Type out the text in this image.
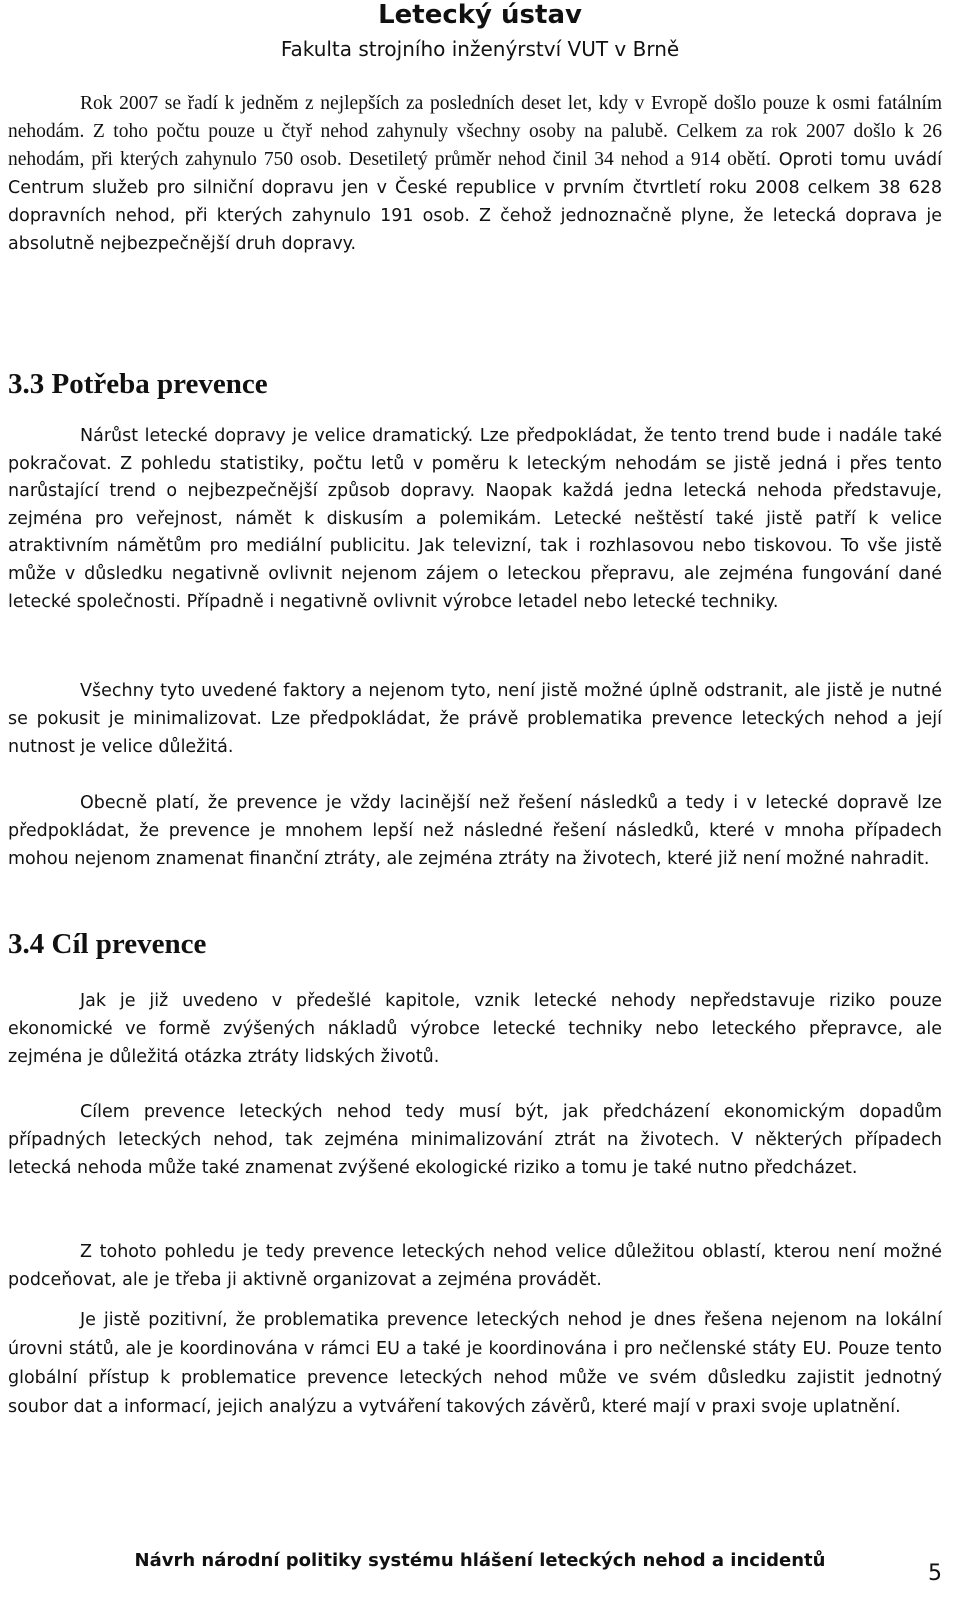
Letecký ústav
Fakulta strojního inženýrství VUT v Brně
Rok 2007 se řadí k jedněm z nejlepších za posledních deset let, kdy v Evropě došlo pouze k osmi fatálním nehodám. Z toho počtu pouze u čtyř nehod zahynuly všechny osoby na palubě. Celkem za rok 2007 došlo k 26 nehodám, při kterých zahynulo 750 osob. Desetiletý průměr nehod činil 34 nehod a 914 obětí. Oproti tomu uvádí Centrum služeb pro silniční dopravu jen v České republice v prvním čtvrtletí roku 2008 celkem 38 628 dopravních nehod, při kterých zahynulo 191 osob. Z čehož jednoznačně plyne, že letecká doprava je absolutně nejbezpečnější druh dopravy.
3.3 Potřeba prevence
Nárůst letecké dopravy je velice dramatický. Lze předpokládat, že tento trend bude i nadále také pokračovat. Z pohledu statistiky, počtu letů v poměru k leteckým nehodám se jistě jedná i přes tento narůstající trend o nejbezpečnější způsob dopravy. Naopak každá jedna letecká nehoda představuje, zejména pro veřejnost, námět k diskusím a polemikám. Letecké neštěstí také jistě patří k velice atraktivním námětům pro mediální publicitu. Jak televizní, tak i rozhlasovou nebo tiskovou. To vše jistě může v důsledku negativně ovlivnit nejenom zájem o leteckou přepravu, ale zejména fungování dané letecké společnosti. Případně i negativně ovlivnit výrobce letadel nebo letecké techniky.
Všechny tyto uvedené faktory a nejenom tyto, není jistě možné úplně odstranit, ale jistě je nutné se pokusit je minimalizovat. Lze předpokládat, že právě problematika prevence leteckých nehod a její nutnost je velice důležitá.
Obecně platí, že prevence je vždy lacinější než řešení následků a tedy i v letecké dopravě lze předpokládat, že prevence je mnohem lepší než následné řešení následků, které v mnoha případech mohou nejenom znamenat finanční ztráty, ale zejména ztráty na životech, které již není možné nahradit.
3.4 Cíl prevence
Jak je již uvedeno v předešlé kapitole, vznik letecké nehody nepředstavuje riziko pouze ekonomické ve formě zvýšených nákladů výrobce letecké techniky nebo leteckého přepravce, ale zejména je důležitá otázka ztráty lidských životů.
Cílem prevence leteckých nehod tedy musí být, jak předcházení ekonomickým dopadům případných leteckých nehod, tak zejména minimalizování ztrát na životech. V některých případech letecká nehoda může také znamenat zvýšené ekologické riziko a tomu je také nutno předcházet.
Z tohoto pohledu je tedy prevence leteckých nehod velice důležitou oblastí, kterou není možné podceňovat, ale je třeba ji aktivně organizovat a zejména provádět.
Je jistě pozitivní, že problematika prevence leteckých nehod je dnes řešena nejenom na lokální úrovni států, ale je koordinována v rámci EU a také je koordinována i pro nečlenské státy EU. Pouze tento globální přístup k problematice prevence leteckých nehod může ve svém důsledku zajistit jednotný soubor dat a informací, jejich analýzu a vytváření takových závěrů, které mají v praxi svoje uplatnění.
Návrh národní politiky systému hlášení leteckých nehod a incidentů
5
